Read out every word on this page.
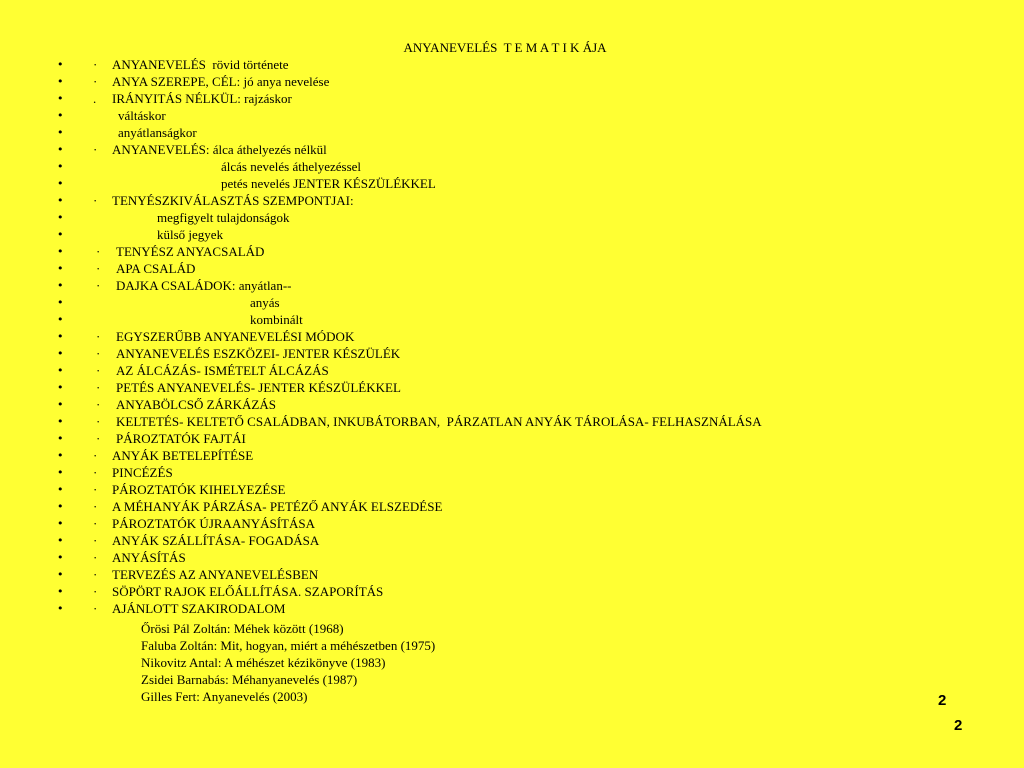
ANYANEVELÉS  T E M A T I K ÁJA
• · ANYANEVELÉS  rövid története
• · ANYA SZEREPE, CÉL: jó anya nevelése
• . IRÁNYITÁS NÉLKÜL: rajzáskor
•	váltáskor
•	anyátlanságkor
• · ANYANEVELÉS: álca áthelyezés nélkül
•	álcás nevelés áthelyezéssel
•	petés nevelés JENTER KÉSZÜLÉKKEL
• · TENYÉSZKIVÁLASZTÁS SZEMPONTJAI:
•	megfigyelt tulajdonságok
•	külső jegyek
•	· TENYÉSZ ANYACSALÁD
•	· APA CSALÁD
•	· DAJKA CSALÁDOK: anyátlan--
•	anyás
•	kombinált
•	· EGYSZERŰBB ANYANEVELÉSI MÓDOK
•	· ANYANEVELÉS ESZKÖZEI- JENTER KÉSZÜLÉK
•	· AZ ÁLCÁZÁS- ISMÉTELT ÁLCÁZÁS
•	· PETÉS ANYANEVELÉS- JENTER KÉSZÜLÉKKEL
•	· ANYABÖLCSŐ ZÁRKÁZÁS
•	· KELTETÉS- KELTETŐ CSALÁDBAN, INKUBÁTORBAN,  PÁRZATLAN ANYÁK TÁROLÁSA- FELHASZNÁLÁSA
•	· PÁROZTATÓK FAJTÁI
• · ANYÁK BETELEPÍTÉSE
• · PINCÉZÉS
• · PÁROZTATÓK KIHELYEZÉSE
• · A MÉHANYÁK PÁRZÁSA- PETÉZŐ ANYÁK ELSZEDÉSE
• · PÁROZTATÓK ÚJRAANYÁSÍTÁSA
• · ANYÁK SZÁLLÍTÁSA- FOGADÁSA
• · ANYÁSÍTÁS
• · TERVEZÉS AZ ANYANEVELÉSBEN
• · SÖPÖRT RAJOK ELŐÁLLÍTÁSA. SZAPORÍTÁS
• · AJÁNLOTT SZAKIRODALOM
Őrösi Pál Zoltán: Méhek között (1968)
Faluba Zoltán: Mit, hogyan, miért a méhészetben (1975)
Nikovitz Antal: A méhészet kézikönyve (1983)
Zsidei Barnabás: Méhanyanevelés (1987)
Gilles Fert: Anyanevelés (2003)	2
2
